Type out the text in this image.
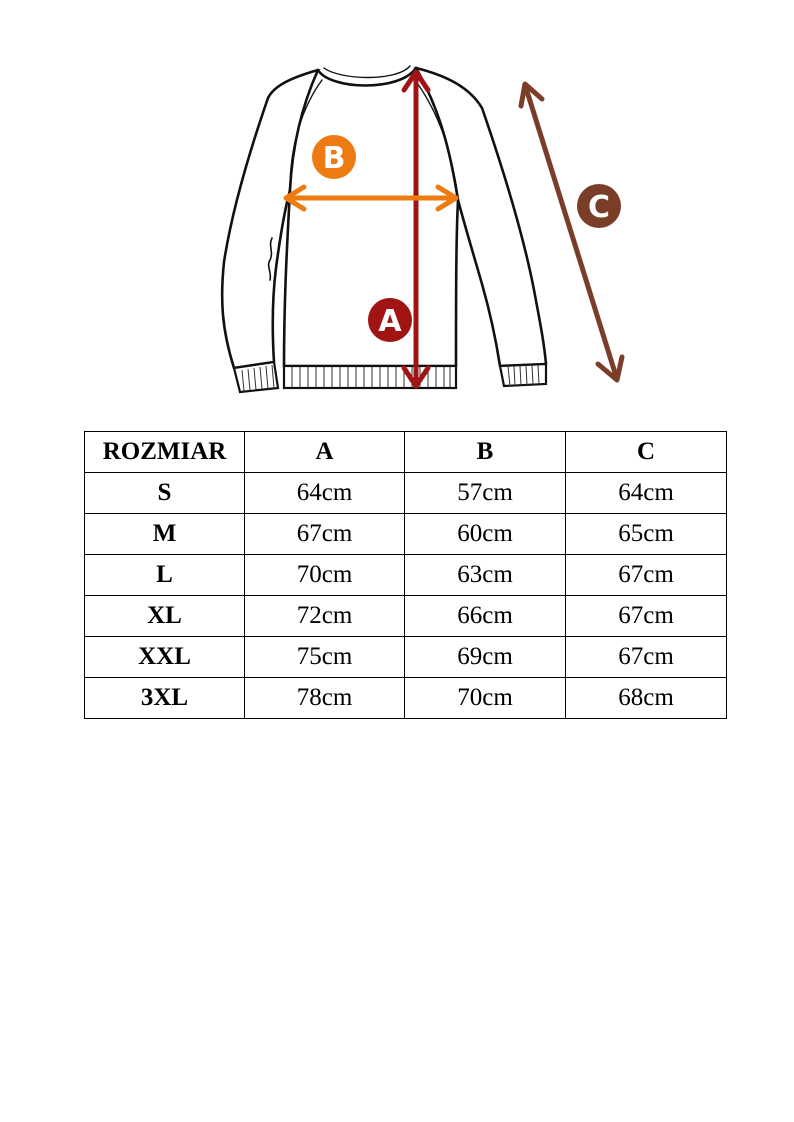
A
B
C
ROZMIAR	A	B	C
S	64cm	57cm	64cm
M	67cm	60cm	65cm
L	70cm	63cm	67cm
XL	72cm	66cm	67cm
XXL	75cm	69cm	67cm
3XL	78cm	70cm	68cm
